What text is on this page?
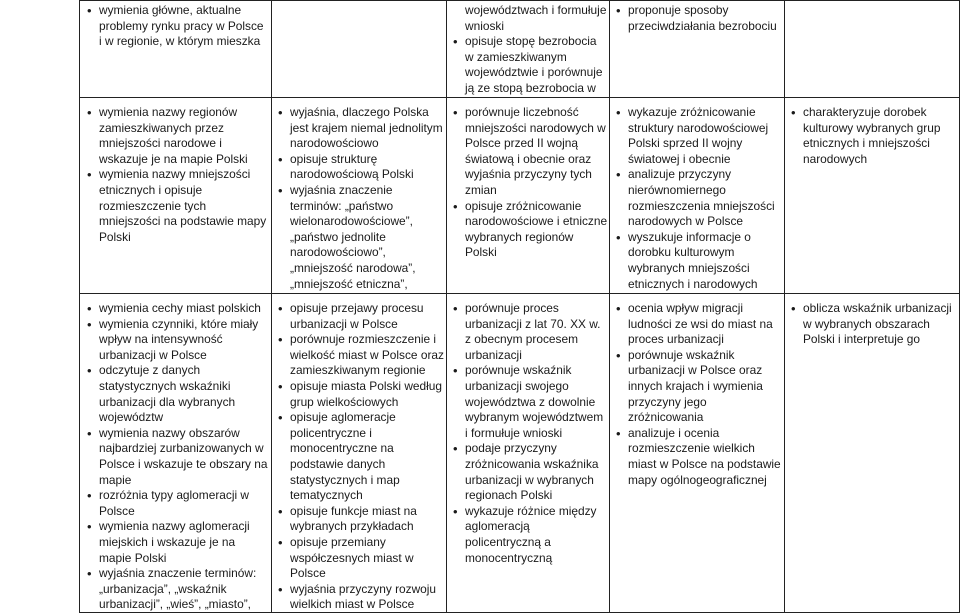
• wymienia główne, aktualne problemy rynku pracy w Polsce i w regionie, w którym mieszka
• wymienia nazwy regionów zamieszkiwanych przez mniejszości narodowe i wskazuje je na mapie Polski
• wymienia nazwy mniejszości etnicznych i opisuje rozmieszczenie tych mniejszości na podstawie mapy Polski
• wymienia cechy miast polskich
• wymienia czynniki, które miały wpływ na intensywność urbanizacji w Polsce
• odczytuje z danych statystycznych wskaźniki urbanizacji dla wybranych województw
• wymienia nazwy obszarów najbardziej zurbanizowanych w Polsce i wskazuje te obszary na mapie
• rozróżnia typy aglomeracji w Polsce
• wymienia nazwy aglomeracji miejskich i wskazuje je na mapie Polski
• wyjaśnia znaczenie terminów: „urbanizacja”, „wskaźnik urbanizacji”, „wieś”, „miasto”,
• wyjaśnia, dlaczego Polska jest krajem niemal jednolitym narodowościowo
• opisuje strukturę narodowościową Polski
• wyjaśnia znaczenie terminów: „państwo wielonarodowościowe”, „państwo jednolite narodowościowo”, „mniejszość narodowa”, „mniejszość etniczna”,
• opisuje przejawy procesu urbanizacji w Polsce
• porównuje rozmieszczenie i wielkość miast w Polsce oraz zamieszkiwanym regionie
• opisuje miasta Polski według grup wielkościowych
• opisuje aglomeracje policentryczne i monocentryczne na podstawie danych statystycznych i map tematycznych
• opisuje funkcje miast na wybranych przykładach
• opisuje przemiany współczesnych miast w Polsce
• wyjaśnia przyczyny rozwoju wielkich miast w Polsce
województwach i formułuje wnioski
• opisuje stopę bezrobocia w zamieszkiwanym województwie i porównuje ją ze stopą bezrobocia w
• porównuje liczebność mniejszości narodowych w Polsce przed II wojną światową i obecnie oraz wyjaśnia przyczyny tych zmian
• opisuje zróżnicowanie narodowościowe i etniczne wybranych regionów Polski
• porównuje proces urbanizacji z lat 70. XX w. z obecnym procesem urbanizacji
• porównuje wskaźnik urbanizacji swojego województwa z dowolnie wybranym województwem i formułuje wnioski
• podaje przyczyny zróżnicowania wskaźnika urbanizacji w wybranych regionach Polski
• wykazuje różnice między aglomeracją policentryczną a monocentryczną
• proponuje sposoby przeciwdziałania bezrobociu
• wykazuje zróżnicowanie struktury narodowościowej Polski sprzed II wojny światowej i obecnie
• analizuje przyczyny nierównomiernego rozmieszczenia mniejszości narodowych w Polsce
• wyszukuje informacje o dorobku kulturowym wybranych mniejszości etnicznych i narodowych
• ocenia wpływ migracji ludności ze wsi do miast na proces urbanizacji
• porównuje wskaźnik urbanizacji w Polsce oraz innych krajach i wymienia przyczyny jego zróżnicowania
• analizuje i ocenia rozmieszczenie wielkich miast w Polsce na podstawie mapy ogólnogeograficznej
• charakteryzuje dorobek kulturowy wybranych grup etnicznych i mniejszości narodowych
• oblicza wskaźnik urbanizacji w wybranych obszarach Polski i interpretuje go
